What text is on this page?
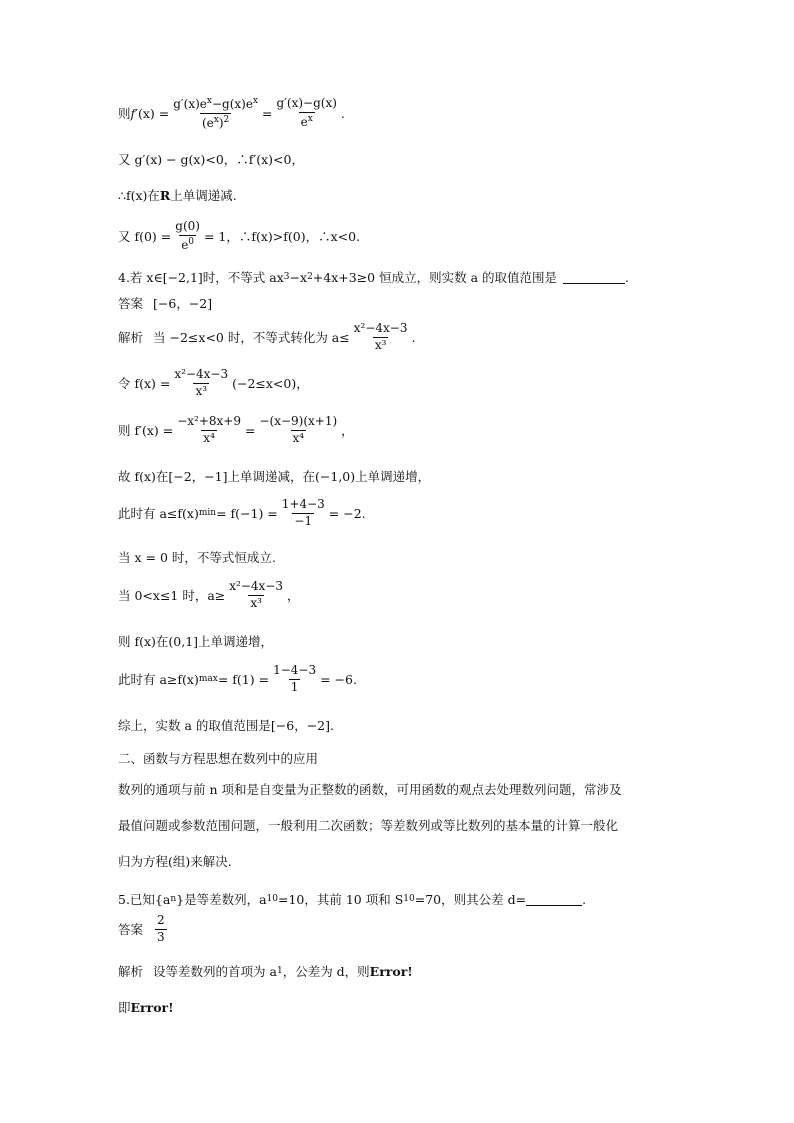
则 f′ $(x) = \frac{g'(x)e^x-g(x)e^x}{(e^x)^2} = \frac{g'(x)-g(x)}{e^x}$ .
又 g′(x) − g(x)<0，∴f′(x)<0，
∴f(x)在 R 上单调递减.
又 $f(0) = \frac{g(0)}{e^0} = 1$，∴f(x)>f(0)，∴x<0.
4.若 x∈[−2,1]时，不等式 ax 3 −x 2 +4x+3≥0 恒成立，则实数 a 的取值范围是	.
答案 [−6，−2]
解析 当 −2≤x<0 时，不等式转化为 $a\le \frac{\text{x²−4x−3}}{\text{x³}}$ .
令 $f(x) = \frac{\text{x²−4x−3}}{\text{x³}} (-2\le x<0)$，
则 $f'(x) = \frac{\text{−x²+8x+9}}{\text{x⁴}} = \frac{-(x-9)(x+1)}{\text{x⁴}}$ ，
故 f(x)在[−2，−1]上单调递减，在(−1,0)上单调递增，
此时有 a≤f(x) $\min = f(-1) = \frac{1+4-3}{-1} = -2$.
当 x = 0 时，不等式恒成立.
当 0<x≤1 时，$a\ge \frac{\text{x²−4x−3}}{\text{x³}}$ ，
则 f(x)在(0,1]上单调递增，
此时有 a≥f(x) $\max = f(1) = \frac{1-4-3}{1} = -6$.
综上，实数 a 的取值范围是[−6，−2].
二、函数与方程思想在数列中的应用
数列的通项与前 n 项和是自变量为正整数的函数，可用函数的观点去处理数列问题，常涉及
最值问题或参数范围问题，一般利用二次函数；等差数列或等比数列的基本量的计算一般化
归为方程(组)来解决.
5.已知{a n }是等差数列，a 10 =10，其前 10 项和 S 10 =70，则其公差 d=	.
答案 $\frac{2}{3}$
解析 设等差数列的首项为 a 1 ，公差为 d，则 Error!
即 Error!
